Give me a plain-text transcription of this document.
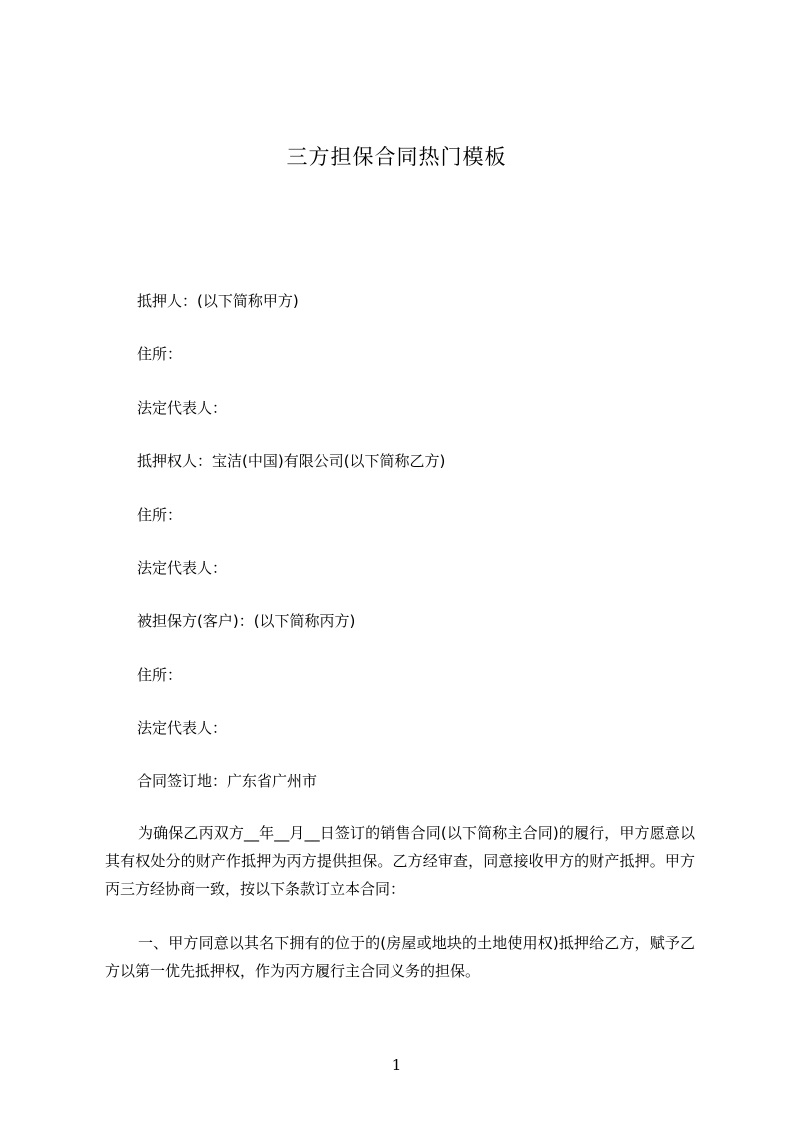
三方担保合同热门模板
抵押人：(以下简称甲方)
住所：
法定代表人：
抵押权人：宝洁(中国)有限公司(以下简称乙方)
住所：
法定代表人：
被担保方(客户)：(以下简称丙方)
住所：
法定代表人：
合同签订地：广东省广州市
为确保乙丙双方__年__月__日签订的销售合同(以下简称主合同)的履行，甲方愿意以其有权处分的财产作抵押为丙方提供担保。乙方经审查，同意接收甲方的财产抵押。甲方丙三方经协商一致，按以下条款订立本合同：
一、甲方同意以其名下拥有的位于的(房屋或地块的土地使用权)抵押给乙方，赋予乙方以第一优先抵押权，作为丙方履行主合同义务的担保。
1
